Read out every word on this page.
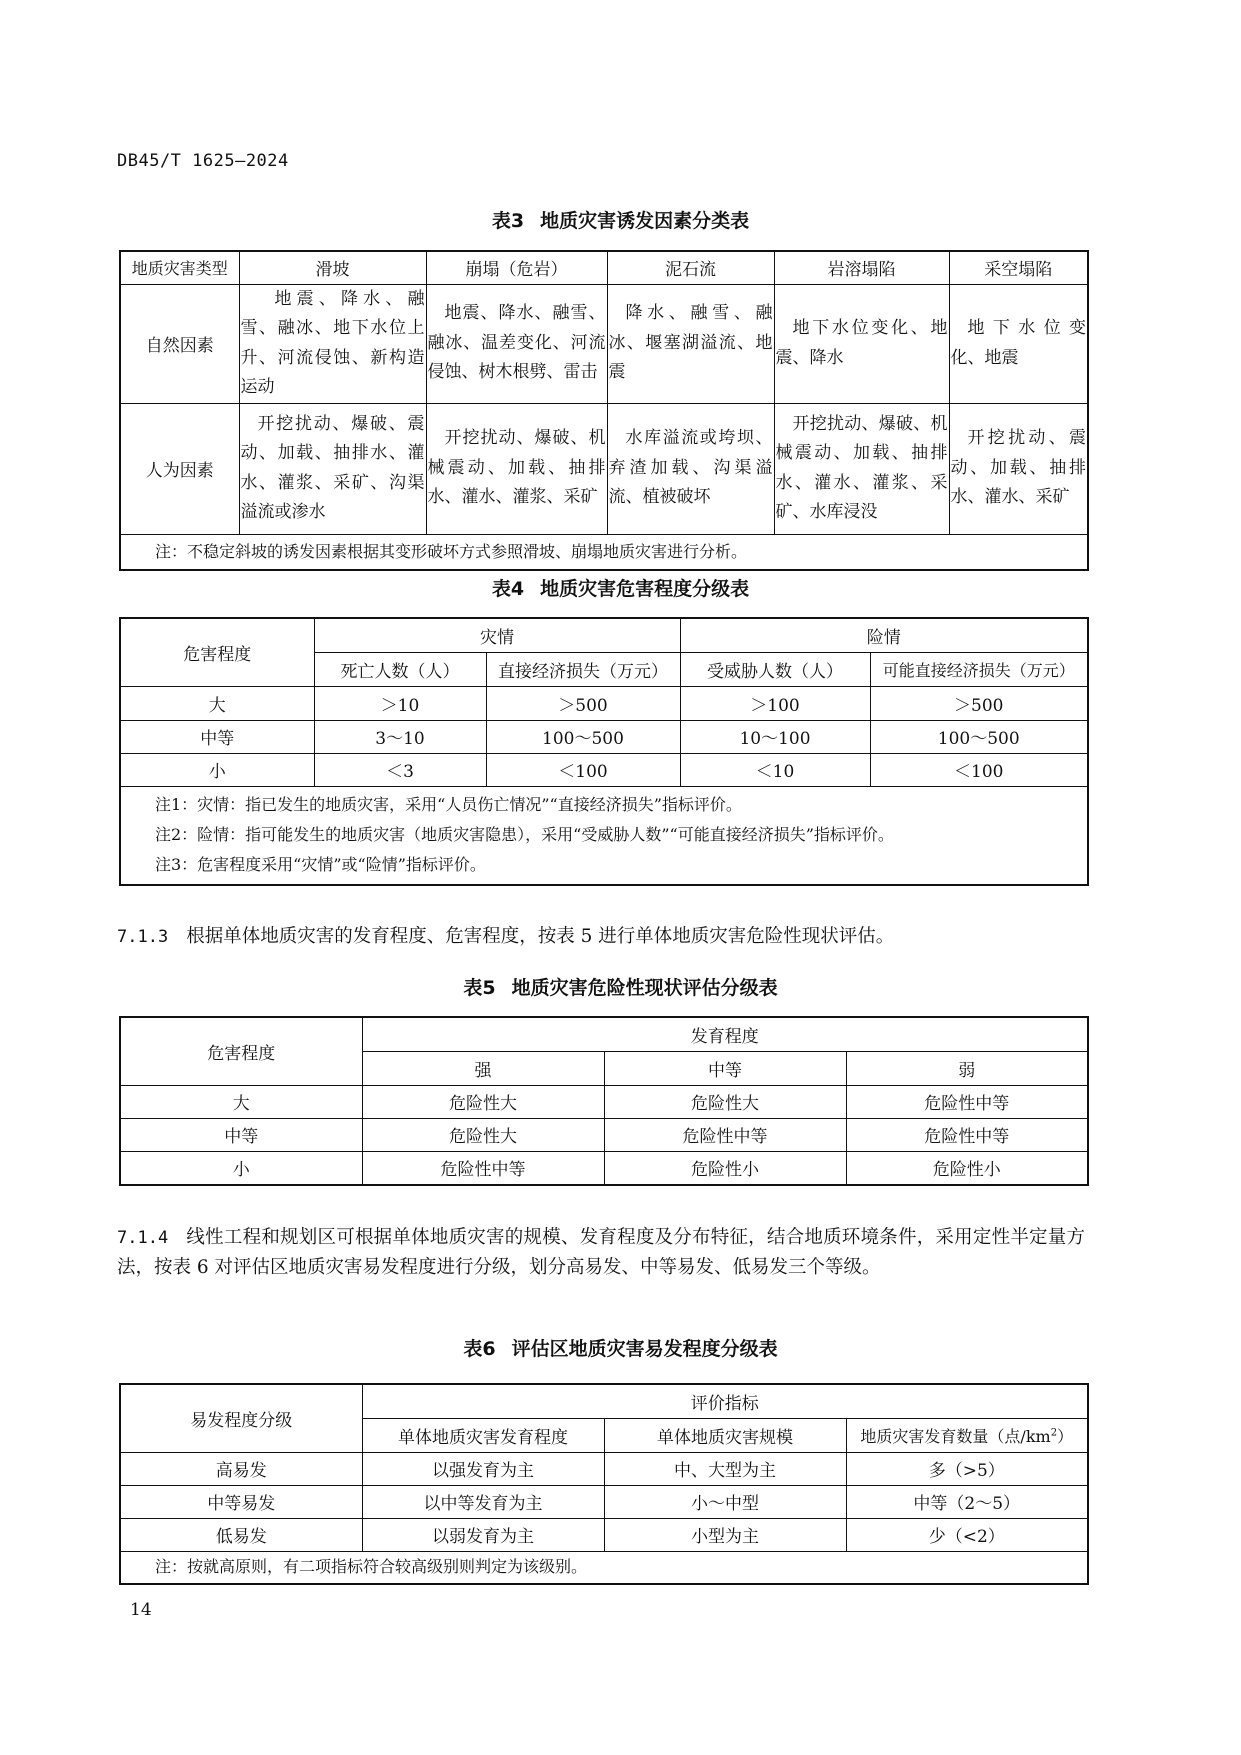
DB45/T 1625—2024
表3 地质灾害诱发因素分类表
地质灾害类型	滑坡	崩塌（危岩）	泥石流	岩溶塌陷	采空塌陷
自然因素	地震、降水、融雪、融冰、地下水位上升、河流侵蚀、新构造运动	地震、降水、融雪、融冰、温差变化、河流侵蚀、树木根劈、雷击	降水、融雪、融冰、堰塞湖溢流、地震	地下水位变化、地震、降水	地下水位变化、地震
人为因素	开挖扰动、爆破、震动、加载、抽排水、灌水、灌浆、采矿、沟渠溢流或渗水	开挖扰动、爆破、机械震动、加载、抽排水、灌水、灌浆、采矿	水库溢流或垮坝、弃渣加载、沟渠溢流、植被破坏	开挖扰动、爆破、机械震动、加载、抽排水、灌水、灌浆、采矿、水库浸没	开挖扰动、震动、加载、抽排水、灌水、采矿
注：不稳定斜坡的诱发因素根据其变形破坏方式参照滑坡、崩塌地质灾害进行分析。					
表4 地质灾害危害程度分级表
危害程度	灾情		险情	
	死亡人数（人）	直接经济损失（万元）	受威胁人数（人）	可能直接经济损失（万元）
大	＞10	＞500	＞100	＞500
中等	3～10	100～500	10～100	100～500
小	＜3	＜100	＜10	＜100

注1：灾情：指已发生的地质灾害，采用“人员伤亡情况”“直接经济损失”指标评价。
注2：险情：指可能发生的地质灾害（地质灾害隐患），采用“受威胁人数”“可能直接经济损失”指标评价。
注3：危害程度采用“灾情”或“险情”指标评价。				
7.1.3 根据单体地质灾害的发育程度、危害程度，按表 5 进行单体地质灾害危险性现状评估。
表5 地质灾害危险性现状评估分级表
危害程度	发育程度		
	强	中等	弱
大	危险性大	危险性大	危险性中等
中等	危险性大	危险性中等	危险性中等
小	危险性中等	危险性小	危险性小
7.1.4 线性工程和规划区可根据单体地质灾害的规模、发育程度及分布特征，结合地质环境条件，采用定性半定量方法，按表 6 对评估区地质灾害易发程度进行分级，划分高易发、中等易发、低易发三个等级。
表6 评估区地质灾害易发程度分级表
易发程度分级	评价指标		
	单体地质灾害发育程度	单体地质灾害规模	地质灾害发育数量（点$/km^2$）
高易发	以强发育为主	中、大型为主	多（>5）
中等易发	以中等发育为主	小～中型	中等（2～5）
低易发	以弱发育为主	小型为主	少（<2）
注：按就高原则，有二项指标符合较高级别则判定为该级别。			
14
